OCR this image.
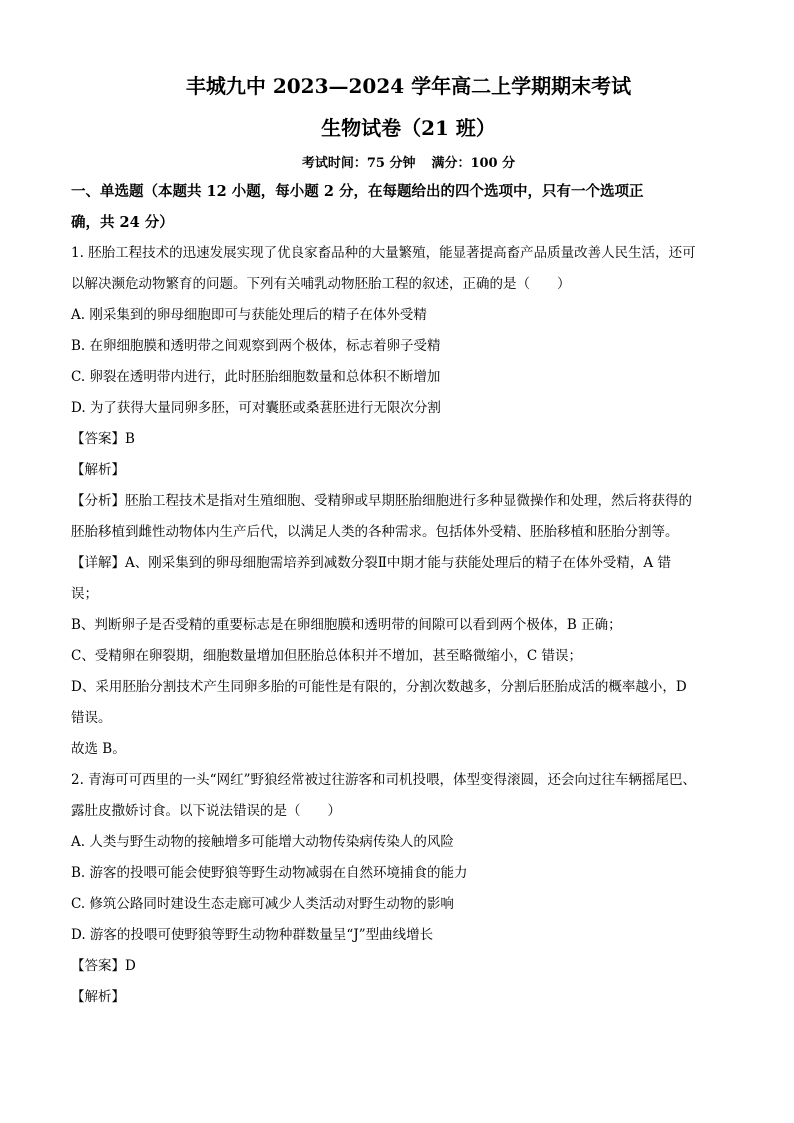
丰城九中 2023—2024 学年高二上学期期末考试
生物试卷（21 班）
考试时间：75 分钟 满分：100 分
一、单选题（本题共 12 小题，每小题 2 分，在每题给出的四个选项中，只有一个选项正
确，共 24 分）
1. 胚胎工程技术的迅速发展实现了优良家畜品种的大量繁殖，能显著提高畜产品质量改善人民生活，还可
以解决濒危动物繁育的问题。下列有关哺乳动物胚胎工程的叙述，正确的是（　　）
A. 刚采集到的卵母细胞即可与获能处理后的精子在体外受精
B. 在卵细胞膜和透明带之间观察到两个极体，标志着卵子受精
C. 卵裂在透明带内进行，此时胚胎细胞数量和总体积不断增加
D. 为了获得大量同卵多胚，可对囊胚或桑葚胚进行无限次分割
【答案】B
【解析】
【分析】胚胎工程技术是指对生殖细胞、受精卵或早期胚胎细胞进行多种显微操作和处理，然后将获得的
胚胎移植到雌性动物体内生产后代，以满足人类的各种需求。包括体外受精、胚胎移植和胚胎分割等。
【详解】A、刚采集到的卵母细胞需培养到减数分裂Ⅱ中期才能与获能处理后的精子在体外受精，A 错
误；
B、判断卵子是否受精的重要标志是在卵细胞膜和透明带的间隙可以看到两个极体，B 正确；
C、受精卵在卵裂期，细胞数量增加但胚胎总体积并不增加，甚至略微缩小，C 错误；
D、采用胚胎分割技术产生同卵多胎的可能性是有限的，分割次数越多，分割后胚胎成活的概率越小，D
错误。
故选 B。
2. 青海可可西里的一头“网红”野狼经常被过往游客和司机投喂，体型变得滚圆，还会向过往车辆摇尾巴、
露肚皮撒娇讨食。以下说法错误的是（　　）
A. 人类与野生动物的接触增多可能增大动物传染病传染人的风险
B. 游客的投喂可能会使野狼等野生动物减弱在自然环境捕食的能力
C. 修筑公路同时建设生态走廊可减少人类活动对野生动物的影响
D. 游客的投喂可使野狼等野生动物种群数量呈“J”型曲线增长
【答案】D
【解析】
